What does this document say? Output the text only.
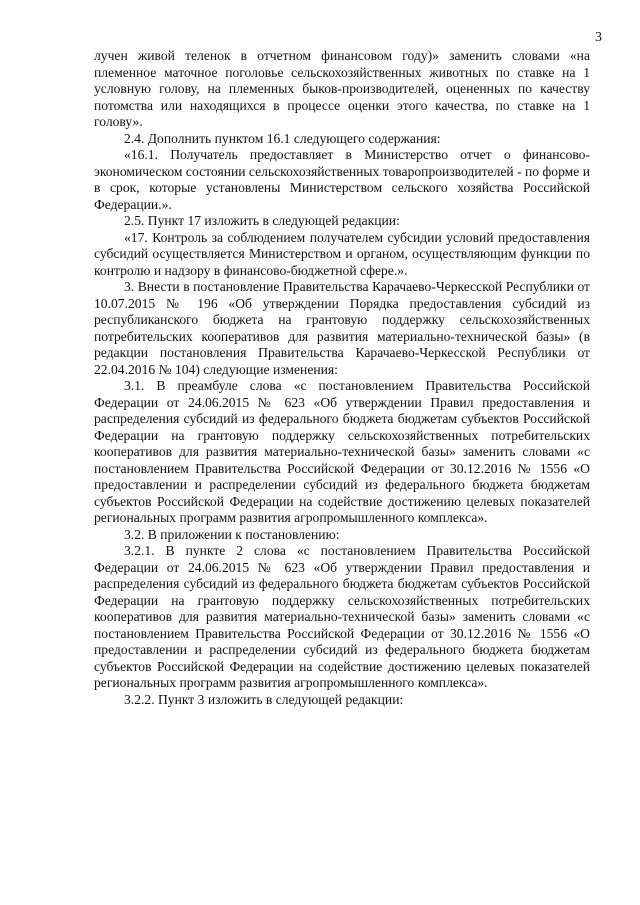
3

лучен живой теленок в отчетном финансовом году)» заменить словами «на племенное маточное поголовье сельскохозяйственных животных по ставке на 1 условную голову, на племенных быков-производителей, оцененных по качеству потомства или находящихся в процессе оценки этого качества, по ставке на 1 голову».

2.4. Дополнить пунктом 16.1 следующего содержания:

«16.1. Получатель предоставляет в Министерство отчет о финансово-экономическом состоянии сельскохозяйственных товаропроизводителей - по форме и в срок, которые установлены Министерством сельского хозяйства Российской Федерации.».

2.5. Пункт 17 изложить в следующей редакции:

«17. Контроль за соблюдением получателем субсидии условий предоставления субсидий осуществляется Министерством и органом, осуществляющим функции по контролю и надзору в финансово-бюджетной сфере.».

3. Внести в постановление Правительства Карачаево-Черкесской Республики от 10.07.2015 № 196 «Об утверждении Порядка предоставления субсидий из республиканского бюджета на грантовую поддержку сельскохозяйственных потребительских кооперативов для развития материально-технической базы» (в редакции постановления Правительства Карачаево-Черкесской Республики от 22.04.2016 № 104) следующие изменения:

3.1. В преамбуле слова «с постановлением Правительства Российской Федерации от 24.06.2015 № 623 «Об утверждении Правил предоставления и распределения субсидий из федерального бюджета бюджетам субъектов Российской Федерации на грантовую поддержку сельскохозяйственных потребительских кооперативов для развития материально-технической базы» заменить словами «с постановлением Правительства Российской Федерации от 30.12.2016 № 1556 «О предоставлении и распределении субсидий из федерального бюджета бюджетам субъектов Российской Федерации на содействие достижению целевых показателей региональных программ развития агропромышленного комплекса».

3.2. В приложении к постановлению:

3.2.1. В пункте 2 слова «с постановлением Правительства Российской Федерации от 24.06.2015 № 623 «Об утверждении Правил предоставления и распределения субсидий из федерального бюджета бюджетам субъектов Российской Федерации на грантовую поддержку сельскохозяйственных потребительских кооперативов для развития материально-технической базы» заменить словами «с постановлением Правительства Российской Федерации от 30.12.2016 № 1556 «О предоставлении и распределении субсидий из федерального бюджета бюджетам субъектов Российской Федерации на содействие достижению целевых показателей региональных программ развития агропромышленного комплекса».

3.2.2. Пункт 3 изложить в следующей редакции:
